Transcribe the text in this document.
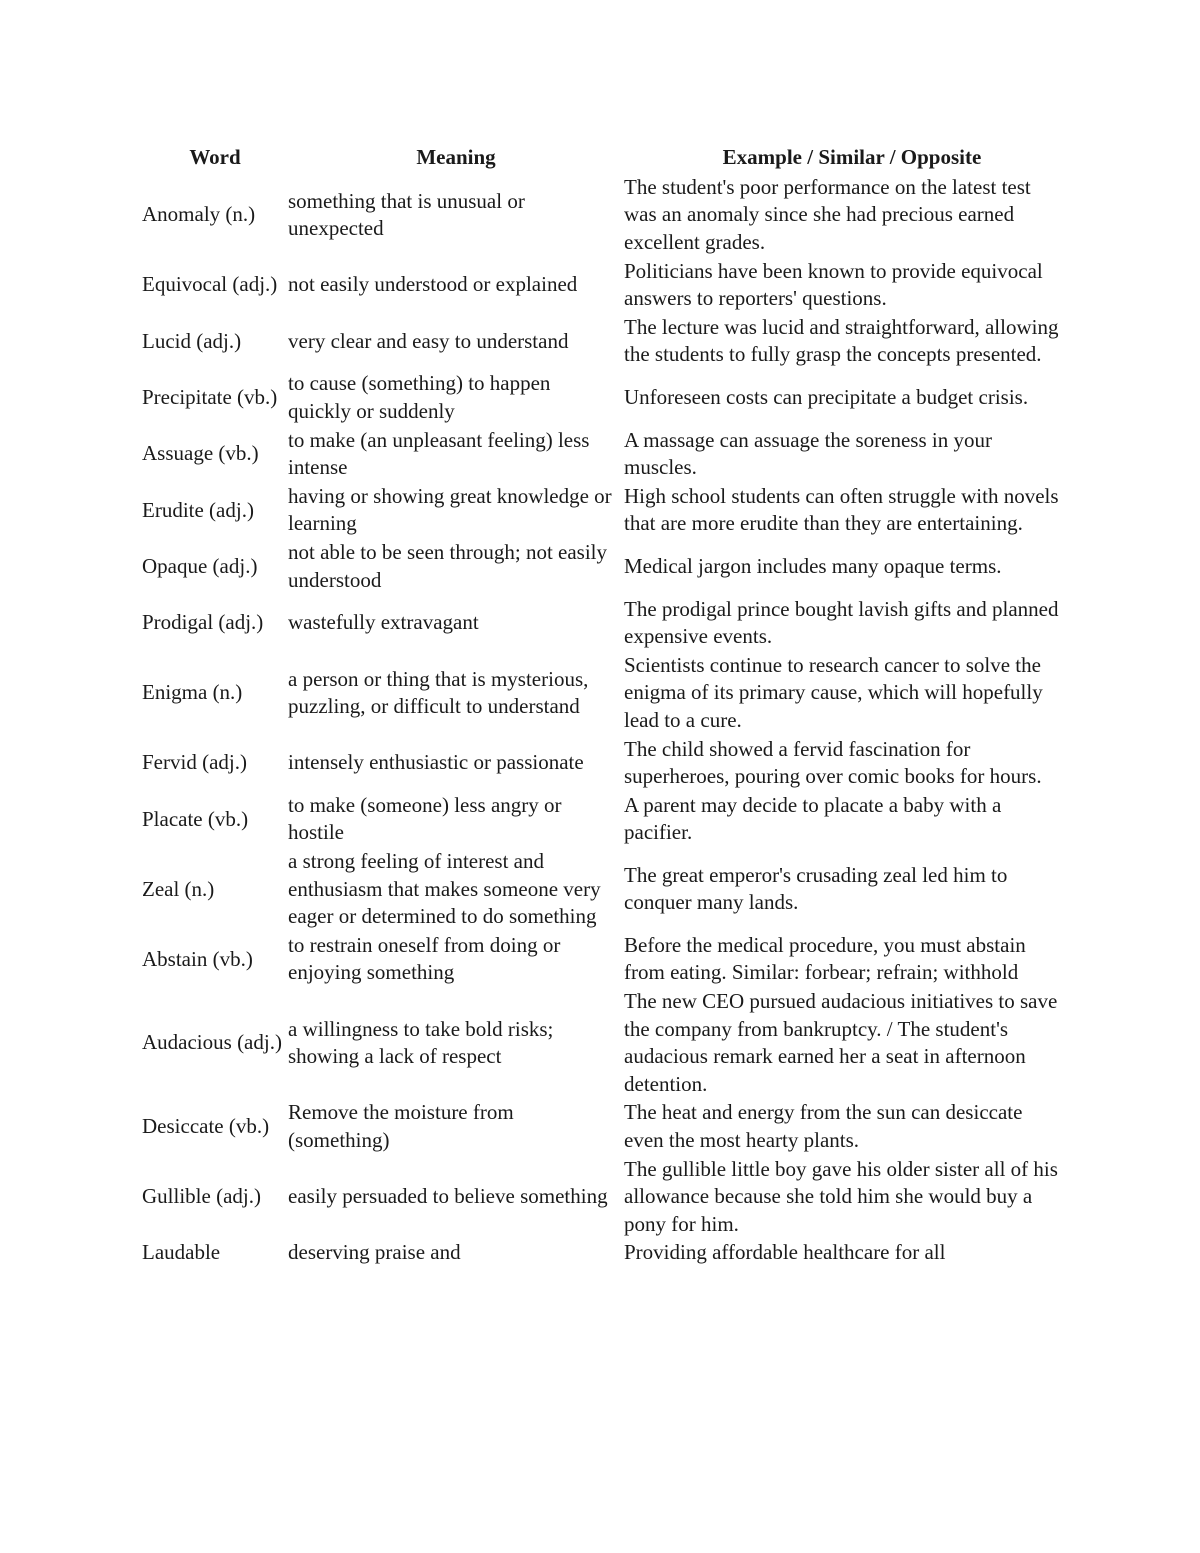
Word	Meaning	Example / Similar / Opposite
Anomaly (n.)	something that is unusual or unexpected	The student's poor performance on the latest test was an anomaly since she had precious earned excellent grades.
Equivocal (adj.)	not easily understood or explained	Politicians have been known to provide equivocal answers to reporters' questions.
Lucid (adj.)	very clear and easy to understand	The lecture was lucid and straightforward, allowing the students to fully grasp the concepts presented.
Precipitate (vb.)	to cause (something) to happen quickly or suddenly	Unforeseen costs can precipitate a budget crisis.
Assuage (vb.)	to make (an unpleasant feeling) less intense	A massage can assuage the soreness in your muscles.
Erudite (adj.)	having or showing great knowledge or learning	High school students can often struggle with novels that are more erudite than they are entertaining.
Opaque (adj.)	not able to be seen through; not easily understood	Medical jargon includes many opaque terms.
Prodigal (adj.)	wastefully extravagant	The prodigal prince bought lavish gifts and planned expensive events.
Enigma (n.)	a person or thing that is mysterious, puzzling, or difficult to understand	Scientists continue to research cancer to solve the enigma of its primary cause, which will hopefully lead to a cure.
Fervid (adj.)	intensely enthusiastic or passionate	The child showed a fervid fascination for superheroes, pouring over comic books for hours.
Placate (vb.)	to make (someone) less angry or hostile	A parent may decide to placate a baby with a pacifier.
Zeal (n.)	a strong feeling of interest and enthusiasm that makes someone very eager or determined to do something	The great emperor's crusading zeal led him to conquer many lands.
Abstain (vb.)	to restrain oneself from doing or enjoying something	Before the medical procedure, you must abstain from eating. Similar: forbear; refrain; withhold
Audacious (adj.)	a willingness to take bold risks; showing a lack of respect	The new CEO pursued audacious initiatives to save the company from bankruptcy. / The student's audacious remark earned her a seat in afternoon detention.
Desiccate (vb.)	Remove the moisture from (something)	The heat and energy from the sun can desiccate even the most hearty plants.
Gullible (adj.)	easily persuaded to believe something	The gullible little boy gave his older sister all of his allowance because she told him she would buy a pony for him.
Laudable	deserving praise and	Providing affordable healthcare for all
